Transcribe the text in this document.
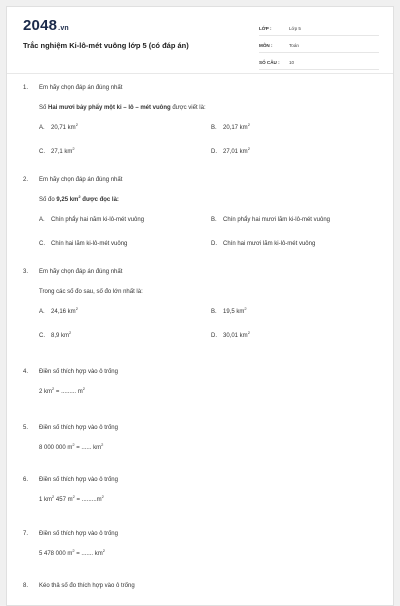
2048.vn
Trắc nghiệm Ki-lô-mét vuông lớp 5 (có đáp án)
LỚP :	Lớp 5
MÔN :	Toán
SỐ CÂU :	10
1.	Em hãy chọn đáp án đúng nhất
Số Hai mươi bảy phẩy một ki – lô – mét vuông được viết là:
A.	20,71 $km^2$
B.	20,17 $km^2$
C.	27,1 $km^2$
D.	27,01 $km^2$
2.	Em hãy chọn đáp án đúng nhất
Số đo 9,25 $km^2$ được đọc là:
A.	Chín phẩy hai năm ki-lô-mét vuông	B.	Chín phẩy hai mươi lăm ki-lô-mét vuông
C.	Chín hai lăm ki-lô-mét vuông	D.	Chín hai mươi lăm ki-lô-mét vuông
3.	Em hãy chọn đáp án đúng nhất
Trong các số đo sau, số đo lớn nhất là:
A.	24,16 $km^2$
B.	19,5 $km^2$
C.	8,9 $km^2$
D.	30,01 $km^2$
4.	Điền số thích hợp vào ô trống
2 $km^2$ = ......... $m^2$
5.	Điền số thích hợp vào ô trống
8 000 000 $m^2$ = ...... $km^2$
6.	Điền số thích hợp vào ô trống
1 $km^2$ 457 $m^2 = .........m^2$
7.	Điền số thích hợp vào ô trống
5 478 000 $m^2$ = ....... $km^2$
8.	Kéo thả số đo thích hợp vào ô trống
